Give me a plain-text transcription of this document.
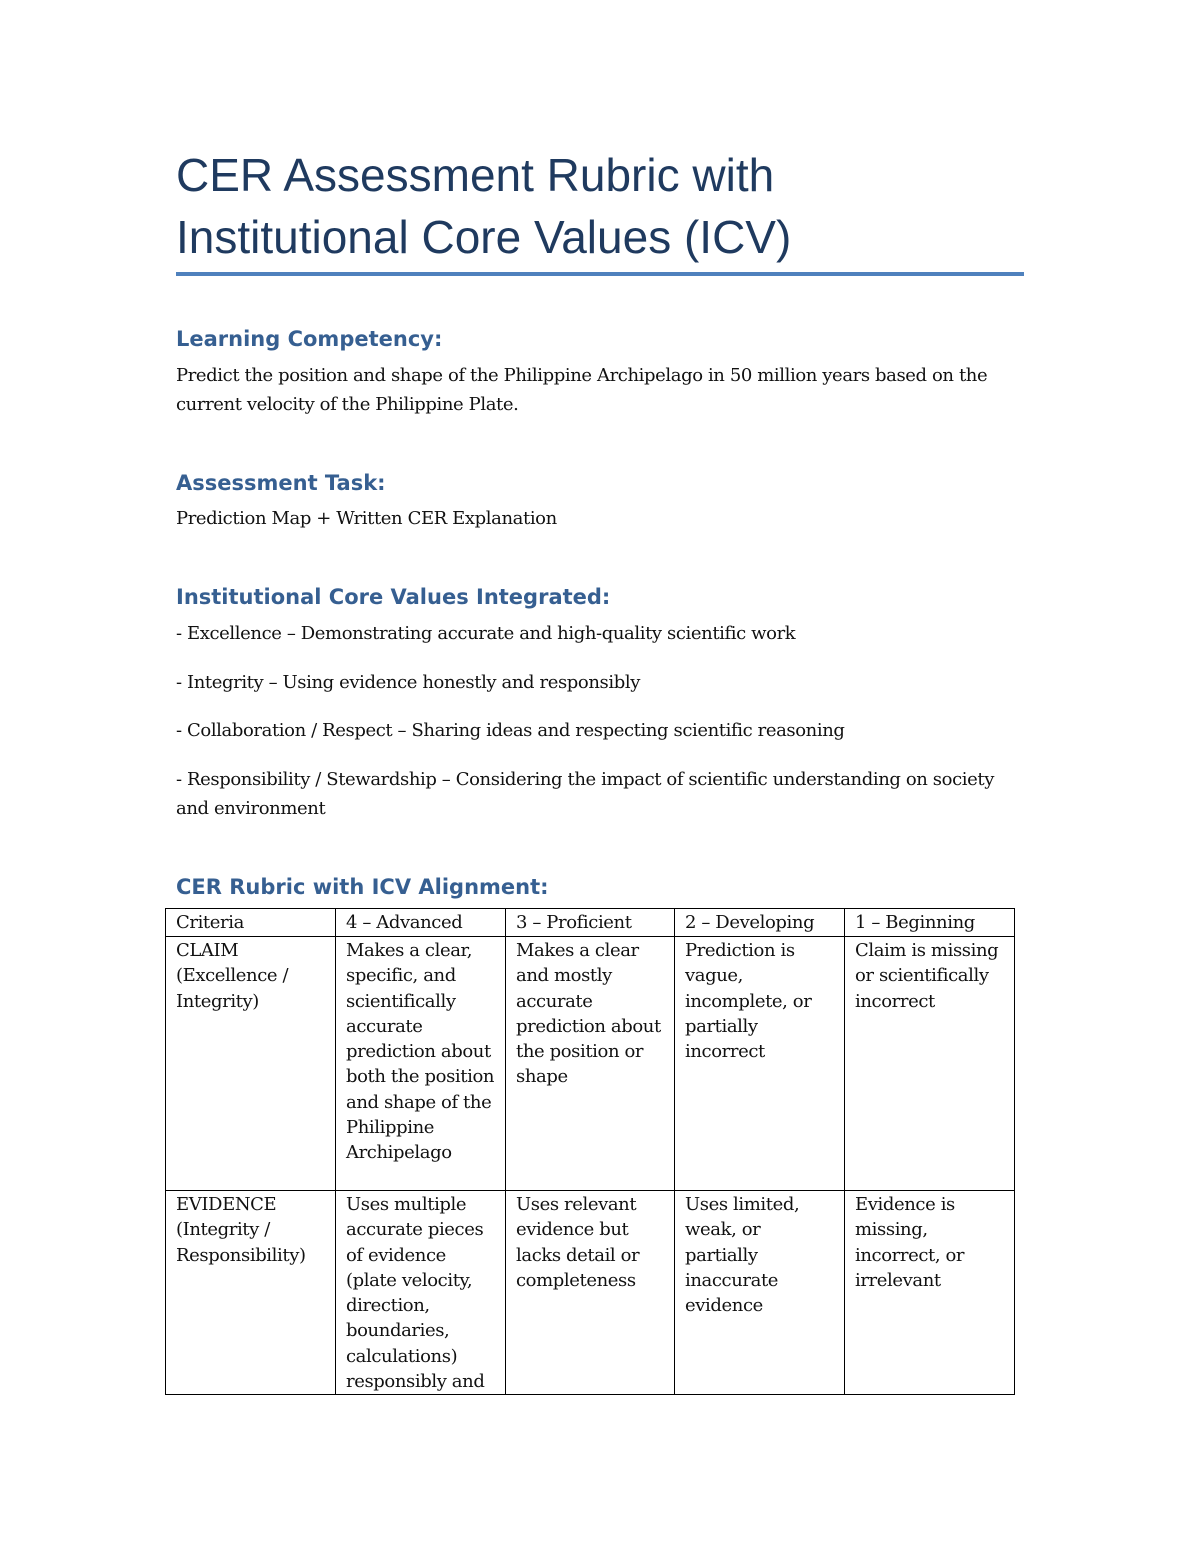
CER Assessment Rubric with
Institutional Core Values (ICV)
Learning Competency:

Predict the position and shape of the Philippine Archipelago in 50 million years based on the current velocity of the Philippine Plate.

Assessment Task:

Prediction Map + Written CER Explanation

Institutional Core Values Integrated:

- Excellence – Demonstrating accurate and high-quality scientific work

- Integrity – Using evidence honestly and responsibly

- Collaboration / Respect – Sharing ideas and respecting scientific reasoning

- Responsibility / Stewardship – Considering the impact of scientific understanding on society and environment

CER Rubric with ICV Alignment:
Criteria	4 – Advanced	3 – Proficient	2 – Developing	1 – Beginning

CLAIM
(Excellence / Integrity)	Makes a clear, specific, and scientifically accurate prediction about both the position and shape of the Philippine Archipelago	Makes a clear and mostly accurate prediction about the position or shape	Prediction is vague, incomplete, or partially incorrect	Claim is missing or scientifically incorrect

EVIDENCE
(Integrity / Responsibility)	Uses multiple accurate pieces of evidence (plate velocity, direction, boundaries, calculations) responsibly and	Uses relevant evidence but lacks detail or completeness	Uses limited, weak, or partially inaccurate evidence	Evidence is missing, incorrect, or irrelevant
